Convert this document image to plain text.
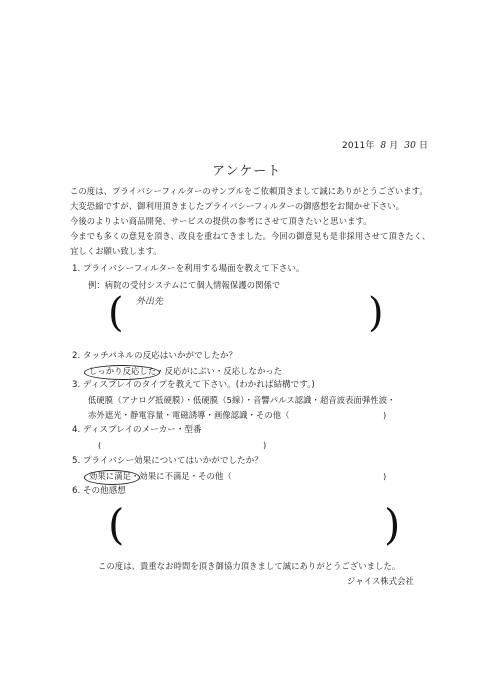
2011年 8 月 30 日
アンケート
この度は、プライバシーフィルターのサンプルをご依頼頂きまして誠にありがとうございます。
大変恐縮ですが、御利用頂きましたプライバシーフィルターの御感想をお聞かせ下さい。
今後のよりよい商品開発、サービスの提供の参考にさせて頂きたいと思います。
今までも多くの意見を頂き、改良を重ねてきました。今回の御意見も是非採用させて頂きたく、
宜しくお願い致します。
1. プライバシーフィルターを利用する場面を教えて下さい。
例：病院の受付システムにて個人情報保護の関係で
( 外出先	)
2. タッチパネルの反応はいかがでしたか？
しっかり反応した・反応がにぶい・反応しなかった
3. ディスプレイのタイプを教えて下さい。(わかれば結構です。)
低硬膜（アナログ抵硬膜）・低硬膜（5線）・音響パルス認識・超音波表面弾性波・
赤外遮光・静電容量・電磁誘導・画像認識・その他（	)
4. ディスプレイのメーカー・型番
(	)
5. プライバシー効果についてはいかがでしたか？
効果に満足・効果に不満足・その他（	)
6. その他感想
(	)
この度は、貴重なお時間を頂き御協力頂きまして誠にありがとうございました。
ジャイス株式会社
